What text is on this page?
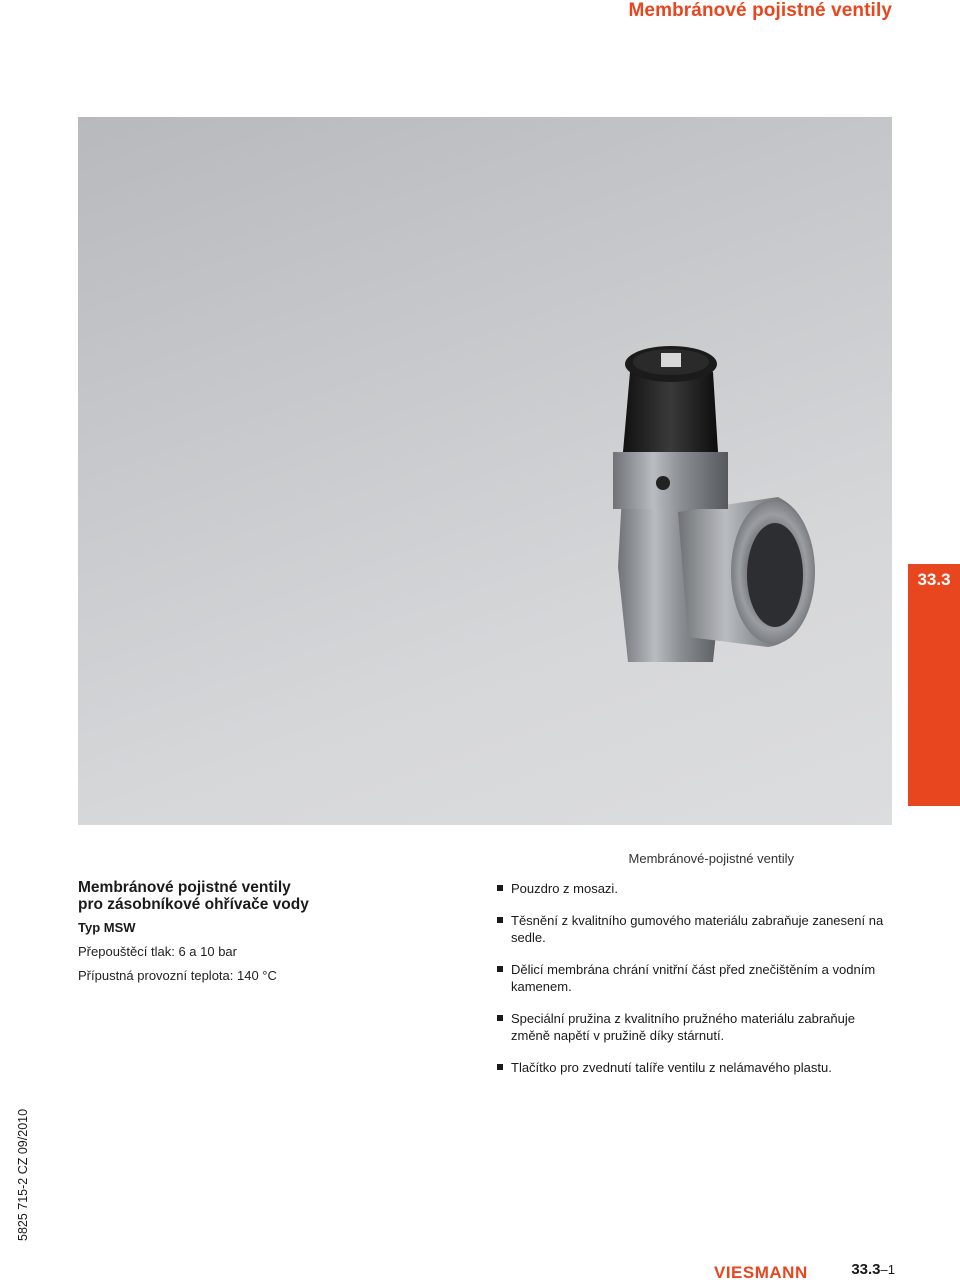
Membránové pojistné ventily
Membránové-pojistné ventily
33.3

Membránové pojistné ventily
pro zásobníkové ohřívače vody

Typ MSW
Přepouštěcí tlak: 6 a 10 bar
Přípustná provozní teplota: 140 °C
Pouzdro z mosazi.
Těsnění z kvalitního gumového materiálu zabraňuje zanesení na sedle.
Dělicí membrána chrání vnitřní část před znečištěním a vodním kamenem.
Speciální pružina z kvalitního pružného materiálu zabraňuje změně napětí v pružině díky stárnutí.
Tlačítko pro zvednutí talíře ventilu z nelámavého plastu.
5825 715-2 CZ 09/2010
VIESMANN	33.3–1
